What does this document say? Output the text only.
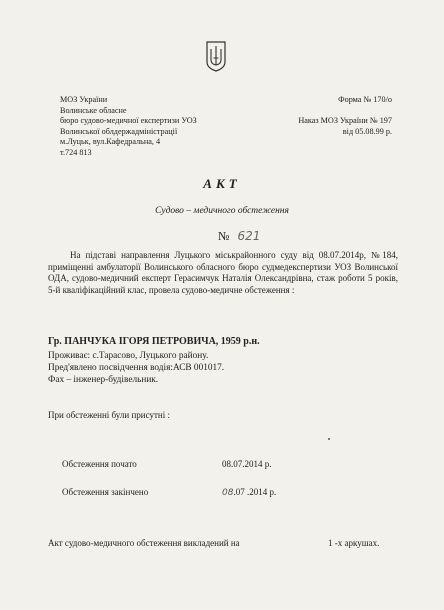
МОЗ України
Волинське обласне
бюро судово-медичної експертизи УОЗ
Волинської облдержадміністрації
м.Луцьк, вул.Кафедральна, 4
т.724 813
Форма № 170/о
Наказ МОЗ України № 197
від 05.08.99 р.
АКТ
Судово – медичного обстеження
№ 621
На підставі направлення Луцького міськрайонного суду від 08.07.2014р, №184, приміщенні амбулаторії Волинського обласного бюро судмедекспертизи УОЗ Волинської ОДА, судово-медичний експерт Герасимчук Наталія Олександрівна, стаж роботи 5 років, 5-й кваліфікаційний клас, провела судово-медичне обстеження :
Гр. ПАНЧУКА ІГОРЯ ПЕТРОВИЧА, 1959 р.н.
Проживає: с.Тарасово, Луцького району.
Пред'явлено посвідчення водія:АСВ 001017.
Фах – інженер-будівельник.
При обстеженні були присутні :
Обстеження почато	08.07.2014 р.
Обстеження закінчено	08.07 .2014 р.
Акт судово-медичного обстеження викладений на	1 -х аркушах.
